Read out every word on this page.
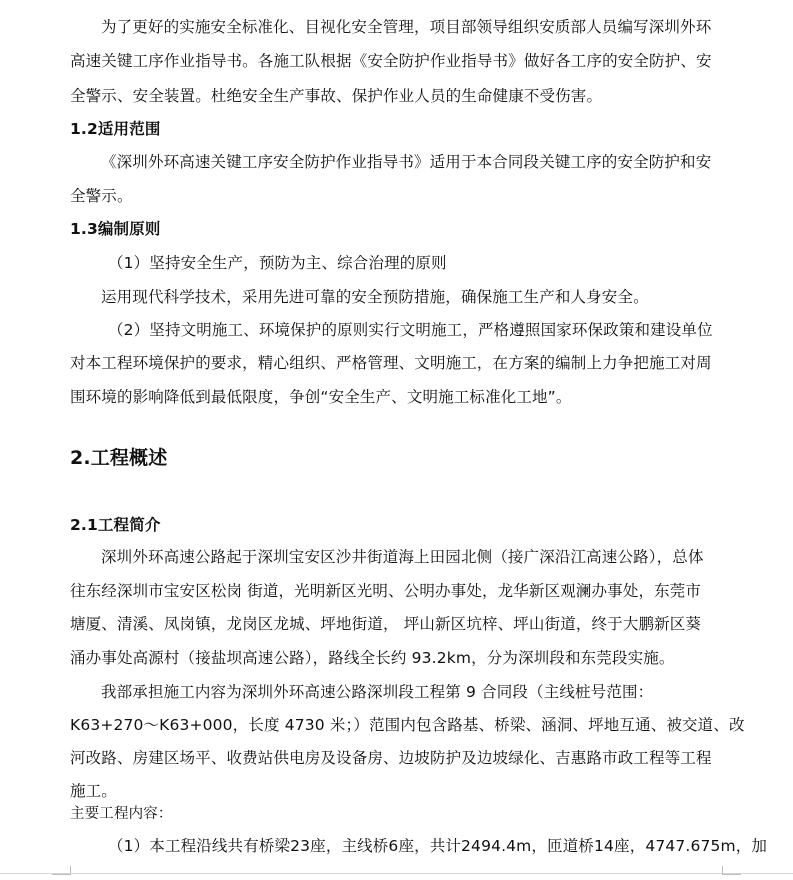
为了更好的实施安全标准化、目视化安全管理，项目部领导组织安质部人员编写深圳外环
高速关键工序作业指导书。各施工队根据《安全防护作业指导书》做好各工序的安全防护、安
全警示、安全装置。杜绝安全生产事故、保护作业人员的生命健康不受伤害。
1.2适用范围
《深圳外环高速关键工序安全防护作业指导书》适用于本合同段关键工序的安全防护和安
全警示。
1.3编制原则
（1）坚持安全生产，预防为主、综合治理的原则
运用现代科学技术，采用先进可靠的安全预防措施，确保施工生产和人身安全。
（2）坚持文明施工、环境保护的原则实行文明施工，严格遵照国家环保政策和建设单位
对本工程环境保护的要求，精心组织、严格管理、文明施工，在方案的编制上力争把施工对周
围环境的影响降低到最低限度，争创“安全生产、文明施工标准化工地”。
2.工程概述
2.1工程简介
深圳外环高速公路起于深圳宝安区沙井街道海上田园北侧（接广深沿江高速公路），总体
往东经深圳市宝安区松岗 街道，光明新区光明、公明办事处，龙华新区观澜办事处，东莞市
塘厦、清溪、凤岗镇，龙岗区龙城、坪地街道， 坪山新区坑梓、坪山街道，终于大鹏新区葵
涌办事处高源村（接盐坝高速公路），路线全长约 93.2km，分为深圳段和东莞段实施。
我部承担施工内容为深圳外环高速公路深圳段工程第 9 合同段（主线桩号范围：
K63+270～K63+000，长度 4730 米；）范围内包含路基、桥梁、涵洞、坪地互通、被交道、改
河改路、房建区场平、收费站供电房及设备房、边坡防护及边坡绿化、吉惠路市政工程等工程
施工。
主要工程内容：
（1）本工程沿线共有桥梁23座，主线桥6座，共计2494.4m，匝道桥14座，4747.675m，加
